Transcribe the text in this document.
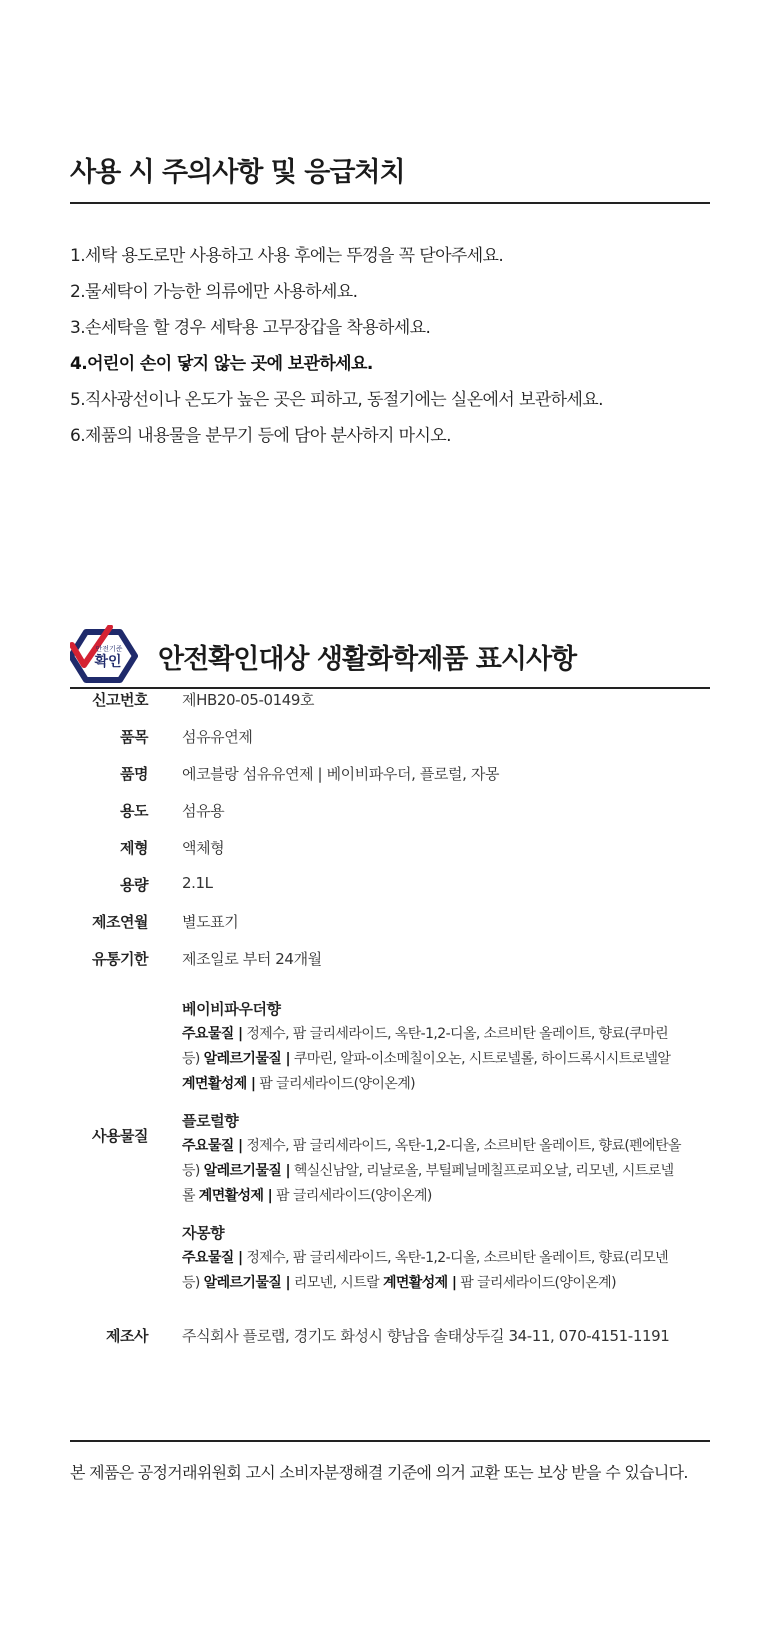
사용 시 주의사항 및 응급처치
1.세탁 용도로만 사용하고 사용 후에는 뚜껑을 꼭 닫아주세요.
2.물세탁이 가능한 의류에만 사용하세요.
3.손세탁을 할 경우 세탁용 고무장갑을 착용하세요.
4.어린이 손이 닿지 않는 곳에 보관하세요.
5.직사광선이나 온도가 높은 곳은 피하고, 동절기에는 실온에서 보관하세요.
6.제품의 내용물을 분무기 등에 담아 분사하지 마시오.
안전기준
확인 안전확인대상 생활화학제품 표시사항
신고번호 제HB20-05-0149호
품목 섬유유연제
품명 에코블랑 섬유유연제 | 베이비파우더, 플로럴, 자몽
용도 섬유용
제형 액체형
용량 2.1L
제조연월 별도표기
유통기한 제조일로 부터 24개월
사용물질
베이비파우더향
주요물질 | 정제수, 팜 글리세라이드, 옥탄-1,2-디올, 소르비탄 올레이트, 향료(쿠마린
등) 알레르기물질 | 쿠마린, 알파-이소메칠이오논, 시트로넬롤, 하이드록시시트로넬알
계면활성제 | 팜 글리세라이드(양이온계)
플로럴향
주요물질 | 정제수, 팜 글리세라이드, 옥탄-1,2-디올, 소르비탄 올레이트, 향료(펜에탄올
등) 알레르기물질 | 헥실신남알, 리날로올, 부틸페닐메칠프로피오날, 리모넨, 시트로넬
롤 계면활성제 | 팜 글리세라이드(양이온계)
자몽향
주요물질 | 정제수, 팜 글리세라이드, 옥탄-1,2-디올, 소르비탄 올레이트, 향료(리모넨
등) 알레르기물질 | 리모넨, 시트랄 계면활성제 | 팜 글리세라이드(양이온계)
제조사 주식회사 플로랩, 경기도 화성시 향남읍 솔태상두길 34-11, 070-4151-1191
본 제품은 공정거래위원회 고시 소비자분쟁해결 기준에 의거 교환 또는 보상 받을 수 있습니다.
